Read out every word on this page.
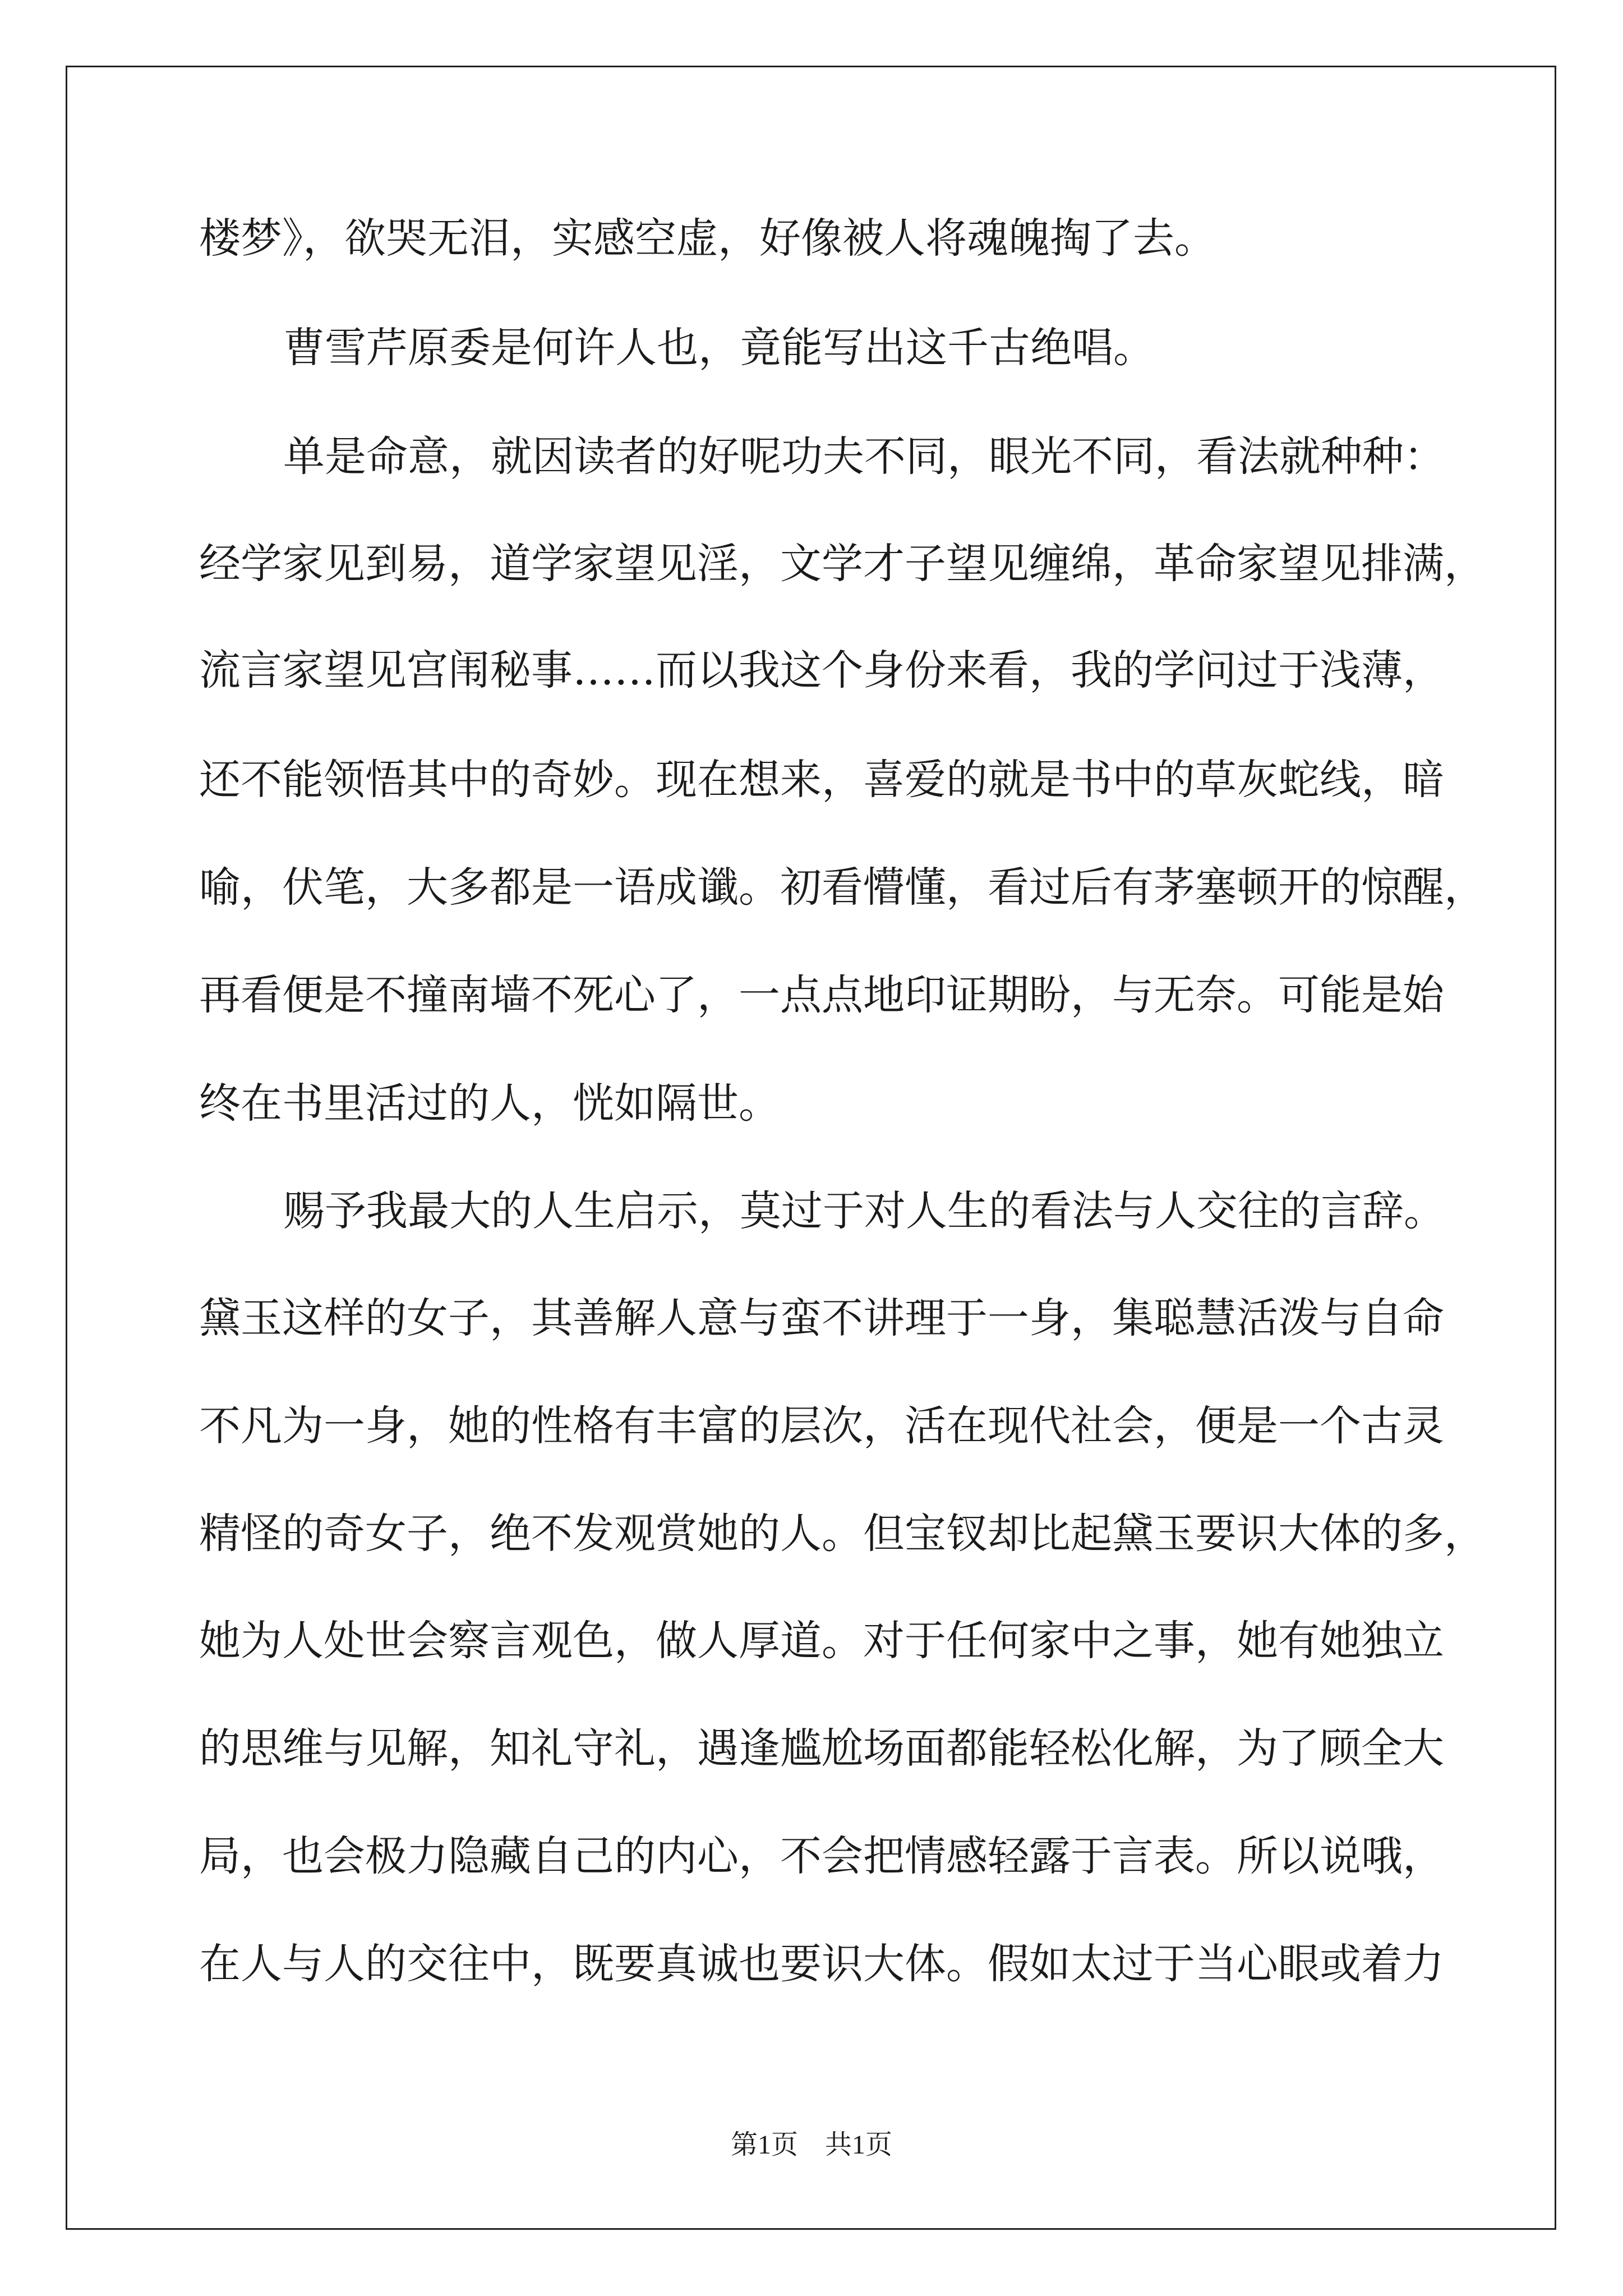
楼梦》，欲哭无泪，实感空虚，好像被人将魂魄掏了去。
曹雪芹原委是何许人也，竟能写出这千古绝唱。
单是命意，就因读者的好呢功夫不同，眼光不同，看法就种种：
经学家见到易，道学家望见淫，文学才子望见缠绵，革命家望见排满，
流言家望见宫闱秘事……而以我这个身份来看，我的学问过于浅薄，
还不能领悟其中的奇妙。现在想来，喜爱的就是书中的草灰蛇线，暗
喻，伏笔，大多都是一语成谶。初看懵懂，看过后有茅塞顿开的惊醒，
再看便是不撞南墙不死心了，一点点地印证期盼，与无奈。可能是始
终在书里活过的人，恍如隔世。
赐予我最大的人生启示，莫过于对人生的看法与人交往的言辞。
黛玉这样的女子，其善解人意与蛮不讲理于一身，集聪慧活泼与自命
不凡为一身，她的性格有丰富的层次，活在现代社会，便是一个古灵
精怪的奇女子，绝不发观赏她的人。但宝钗却比起黛玉要识大体的多，
她为人处世会察言观色，做人厚道。对于任何家中之事，她有她独立
的思维与见解，知礼守礼，遇逢尴尬场面都能轻松化解，为了顾全大
局，也会极力隐藏自己的内心，不会把情感轻露于言表。所以说哦，
在人与人的交往中，既要真诚也要识大体。假如太过于当心眼或着力
第1页　共1页
